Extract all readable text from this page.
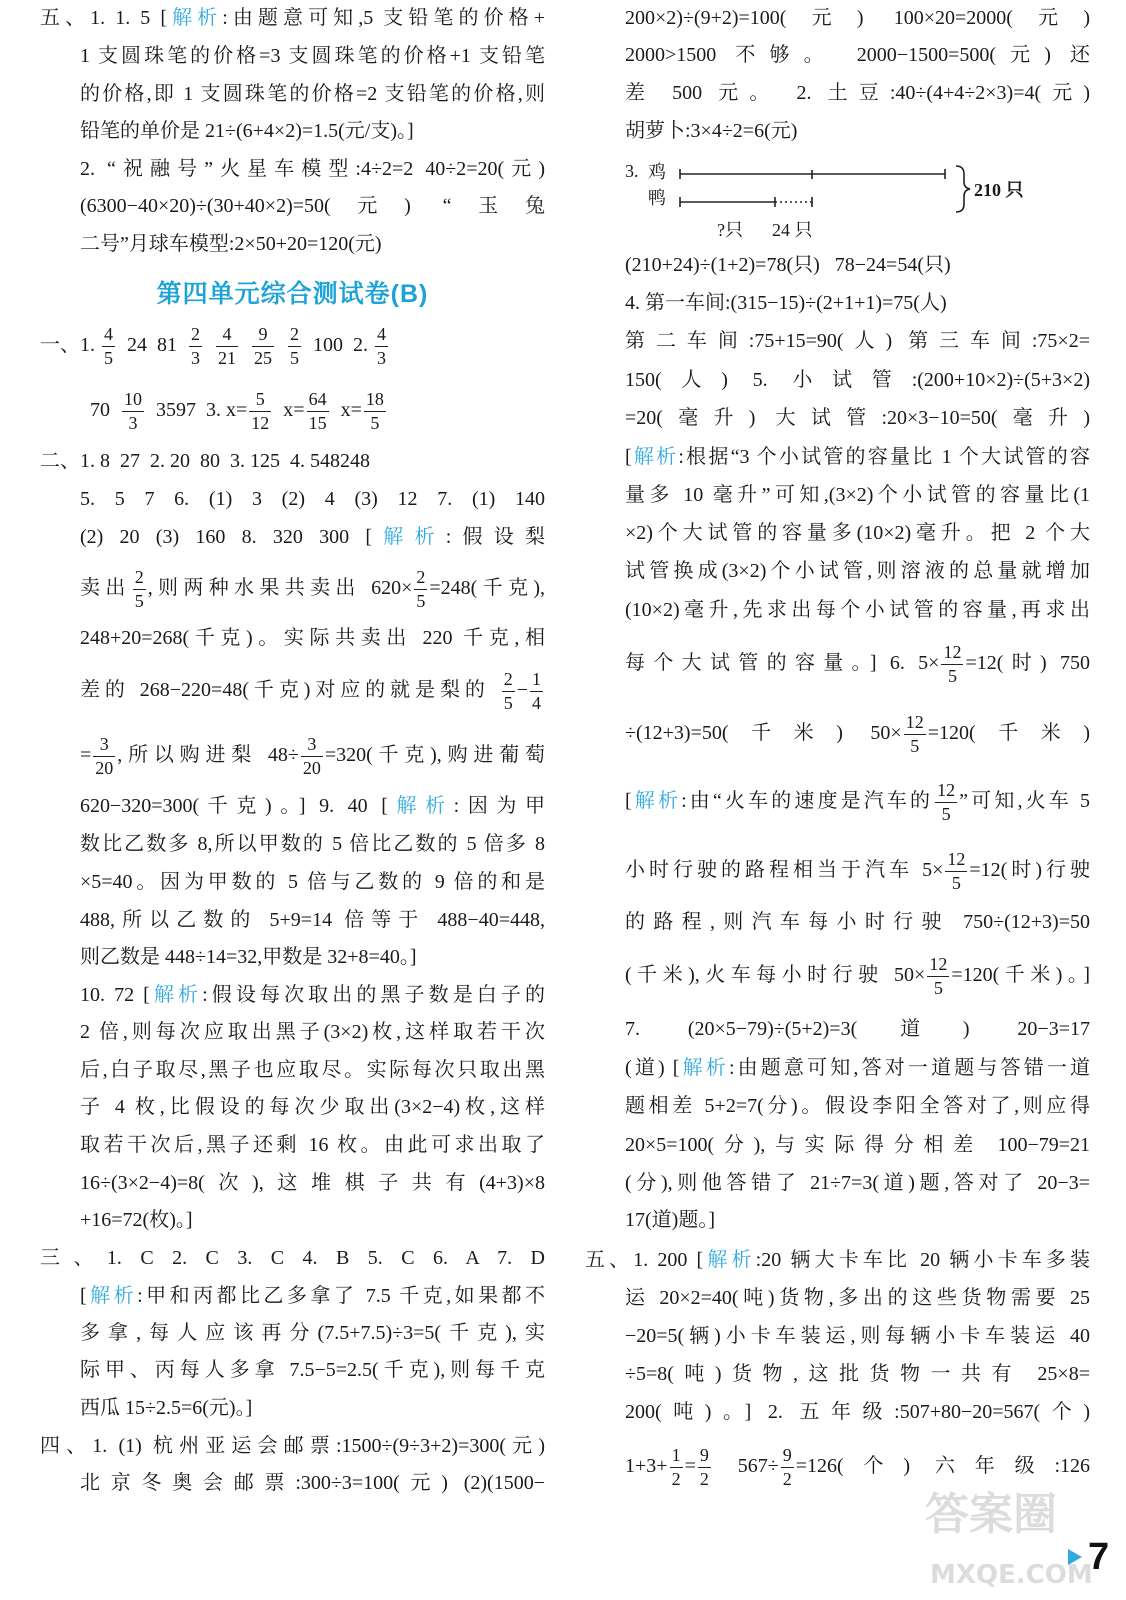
五、1. 1. 5 [解析:由题意可知,5 支铅笔的价格+
1 支圆珠笔的价格=3 支圆珠笔的价格+1 支铅笔
的价格,即 1 支圆珠笔的价格=2 支铅笔的价格,则
铅笔的单价是 21÷(6+4×2)=1.5(元/支)。]
2. “祝融号”火星车模型:4÷2=2 40÷2=20(元)
(6300−40×20)÷(30+40×2)=50(元) “玉兔
二号”月球车模型:2×50+20=120(元)
一、1. $\frac{4}{5} 24$  $81 \frac{2}{3}$
$\frac{4}{21}$
$\frac{9}{25}$
$\frac{2}{5} 100$  2. $\frac{4}{3}$
$70 \frac{10}{3} 3597$  3. $x= \frac{5}{12} x= \frac{64}{15} x= \frac{18}{5}$
二、1. 8  27  2. 20  80  3. 125  4. 548248
5. 5 7 6. (1) 3 (2) 4 (3) 12 7. (1) 140
(2) 20 (3) 160 8. 320 300 [解析:假设梨
卖出 $\frac{2}{5}$ ,则两种水果共卖出 $620\times \frac{2}{5} =248$(千克),
248+20=268(千克)。实际共卖出 220 千克,相
差的 268−220=48(千克)对应的就是梨的 $\frac{2}{5} - \frac{1}{4}$
= $\frac{3}{20}$ ,所以购进梨 $48\div \frac{3}{20} =320$(千克),购进葡萄
620−320=300(千克)。] 9. 40 [解析:因为甲
数比乙数多 8,所以甲数的 5 倍比乙数的 5 倍多 8
×5=40。因为甲数的 5 倍与乙数的 9 倍的和是
488,所以乙数的 5+9=14 倍等于 488−40=448,
则乙数是 448÷14=32,甲数是 32+8=40。]
10. 72 [解析:假设每次取出的黑子数是白子的
2 倍,则每次应取出黑子(3×2)枚,这样取若干次
后,白子取尽,黑子也应取尽。实际每次只取出黑
子 4 枚,比假设的每次少取出(3×2−4)枚,这样
取若干次后,黑子还剩 16 枚。由此可求出取了
16÷(3×2−4)=8(次),这堆棋子共有(4+3)×8
+16=72(枚)。]
三、1. C 2. C 3. C 4. B 5. C 6. A 7. D
[解析:甲和丙都比乙多拿了 7.5 千克,如果都不
多拿,每人应该再分(7.5+7.5)÷3=5(千克),实
际甲、丙每人多拿 7.5−5=2.5(千克),则每千克
西瓜 15÷2.5=6(元)。]
四、1. (1) 杭州亚运会邮票:1500÷(9÷3+2)=300(元)
北京冬奥会邮票:300÷3=100(元) (2)(1500−
第四单元综合测试卷(B)
200×2)÷(9+2)=100(元) 100×20=2000(元)
2000>1500 不够。 2000−1500=500(元) 还
差 500 元。 2. 土豆:40÷(4+4÷2×3)=4(元)
胡萝卜:3×4÷2=6(元)
(210+24)÷(1+2)=78(只)   78−24=54(只)
4. 第一车间:(315−15)÷(2+1+1)=75(人)
第二车间:75+15=90(人) 第三车间:75×2=
150(人) 5. 小试管:(200+10×2)÷(5+3×2)
=20(毫升) 大试管:20×3−10=50(毫升)
[解析:根据“3 个小试管的容量比 1 个大试管的容
量多 10 毫升”可知,(3×2)个小试管的容量比(1
×2)个大试管的容量多(10×2)毫升。把 2 个大
试管换成(3×2)个小试管,则溶液的总量就增加
(10×2)毫升,先求出每个小试管的容量,再求出
每个大试管的容量。] 6. $5\times \frac{12}{5} =12$(时) 750
÷(12+3)=50(千米) $50\times \frac{12}{5} =120$(千米)
[解析:由“火车的速度是汽车的 $\frac{12}{5}$ ”可知,火车 5
小时行驶的路程相当于汽车 $5\times \frac{12}{5} =12$(时)行驶
的路程,则汽车每小时行驶 750÷(12+3)=50
(千米),火车每小时行驶 $50\times \frac{12}{5} =120$(千米)。]
7. (20×5−79)÷(5+2)=3(道) 20−3=17
(道) [解析:由题意可知,答对一道题与答错一道
题相差 5+2=7(分)。假设李阳全答对了,则应得
20×5=100(分),与实际得分相差 100−79=21
(分),则他答错了 21÷7=3(道)题,答对了 20−3=
17(道)题。]
五、1. 200 [解析:20 辆大卡车比 20 辆小卡车多装
运 20×2=40(吨)货物,多出的这些货物需要 25
−20=5(辆)小卡车装运,则每辆小卡车装运 40
÷5=8(吨)货物,这批货物一共有 25×8=
200(吨)。] 2. 五年级:507+80−20=567(个)
$1+3+ \frac{1}{2} = \frac{9}{2} 567\div \frac{9}{2} =126$(个) 六年级:126
3. 鸡
鸭
?只 24 只
210 只
答案圈
MXQE.COM
7
